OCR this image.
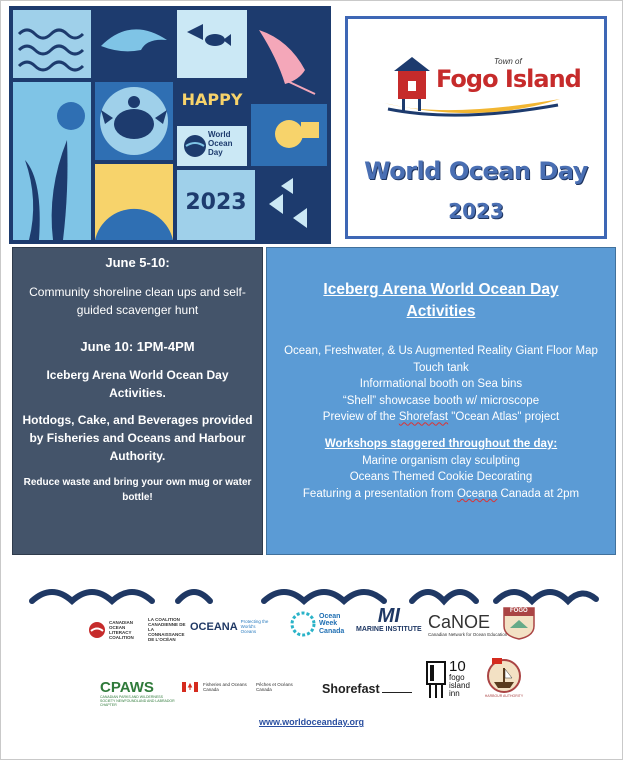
HAPPY
World
Ocean
Day
2023
Town of
Fogo Island
World Ocean Day
2023

June 5-10:

Community shoreline clean ups and self-guided scavenger hunt

June 10: 1PM-4PM

Iceberg Arena World Ocean Day Activities.

Hotdogs, Cake, and Beverages provided by Fisheries and Oceans and Harbour Authority.

Reduce waste and bring your own mug or water bottle!

Iceberg Arena World Ocean Day Activities

Ocean, Freshwater, & Us Augmented Reality Giant Floor Map

Touch tank

Informational booth on Sea bins

“Shell” showcase booth w/ microscope

Preview of the Shorefast "Ocean Atlas" project

Workshops staggered throughout the day:

Marine organism clay sculpting

Oceans Themed Cookie Decorating

Featuring a presentation from Oceana Canada at 2pm

CANADIAN OCEAN LITERACY COALITION
LA COALITION CANADIENNE DE LA CONNAISSANCE DE L'OCÉAN
OCEANA Protecting the World's Oceans
Ocean
Week
Canada
MI
MARINE INSTITUTE CaNOE
Canadian Network for Ocean Education
FOGO
CPAWS
CANADIAN PARKS AND WILDERNESS SOCIETY NEWFOUNDLAND AND LABRADOR CHAPTER
Fisheries and Oceans Canada
Pêches et Océans Canada	Shorefast
10
fogo
island
inn	HARBOUR AUTHORITY
www.worldoceanday.org
